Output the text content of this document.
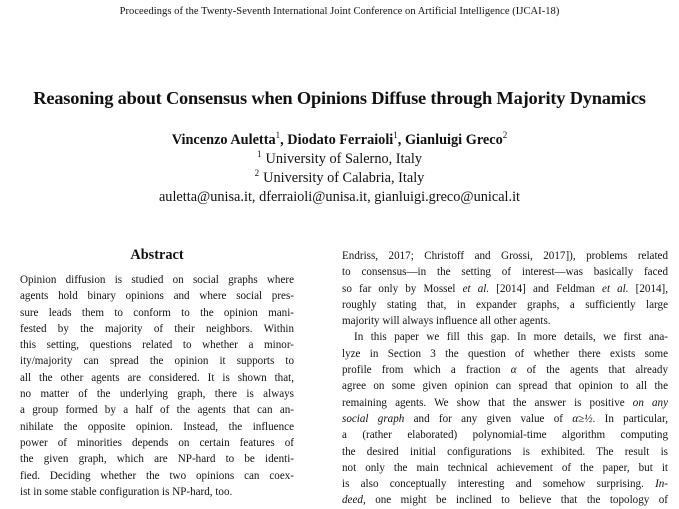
Proceedings of the Twenty-Seventh International Joint Conference on Artificial Intelligence (IJCAI-18)
Reasoning about Consensus when Opinions Diffuse through Majority Dynamics
Vincenzo Auletta$^1$, Diodato Ferraioli$^1$, Gianluigi Greco$^2$
$^1$ University of Salerno, Italy
$^2$ University of Calabria, Italy
auletta@unisa.it, dferraioli@unisa.it, gianluigi.greco@unical.it
Abstract
Opinion diffusion is studied on social graphs where
agents hold binary opinions and where social pres-
sure leads them to conform to the opinion mani-
fested by the majority of their neighbors. Within
this setting, questions related to whether a minor-
ity/majority can spread the opinion it supports to
all the other agents are considered. It is shown that,
no matter of the underlying graph, there is always
a group formed by a half of the agents that can an-
nihilate the opposite opinion. Instead, the influence
power of minorities depends on certain features of
the given graph, which are NP-hard to be identi-
fied. Deciding whether the two opinions can coex-
ist in some stable configuration is NP-hard, too.
Endriss, 2017; Christoff and Grossi, 2017]), problems related
to consensus—in the setting of interest—was basically faced
so far only by Mossel et al. [2014] and Feldman et al. [2014],
roughly stating that, in expander graphs, a sufficiently large
majority will always influence all other agents.
In this paper we fill this gap. In more details, we first ana-
lyze in Section 3 the question of whether there exists some
profile from which a fraction α of the agents that already
agree on some given opinion can spread that opinion to all the
remaining agents. We show that the answer is positive on any
social graph and for any given value of α≥½. In particular,
a (rather elaborated) polynomial-time algorithm computing
the desired initial configurations is exhibited. The result is
not only the main technical achievement of the paper, but it
is also conceptually interesting and somehow surprising. In-
deed, one might be inclined to believe that the topology of
